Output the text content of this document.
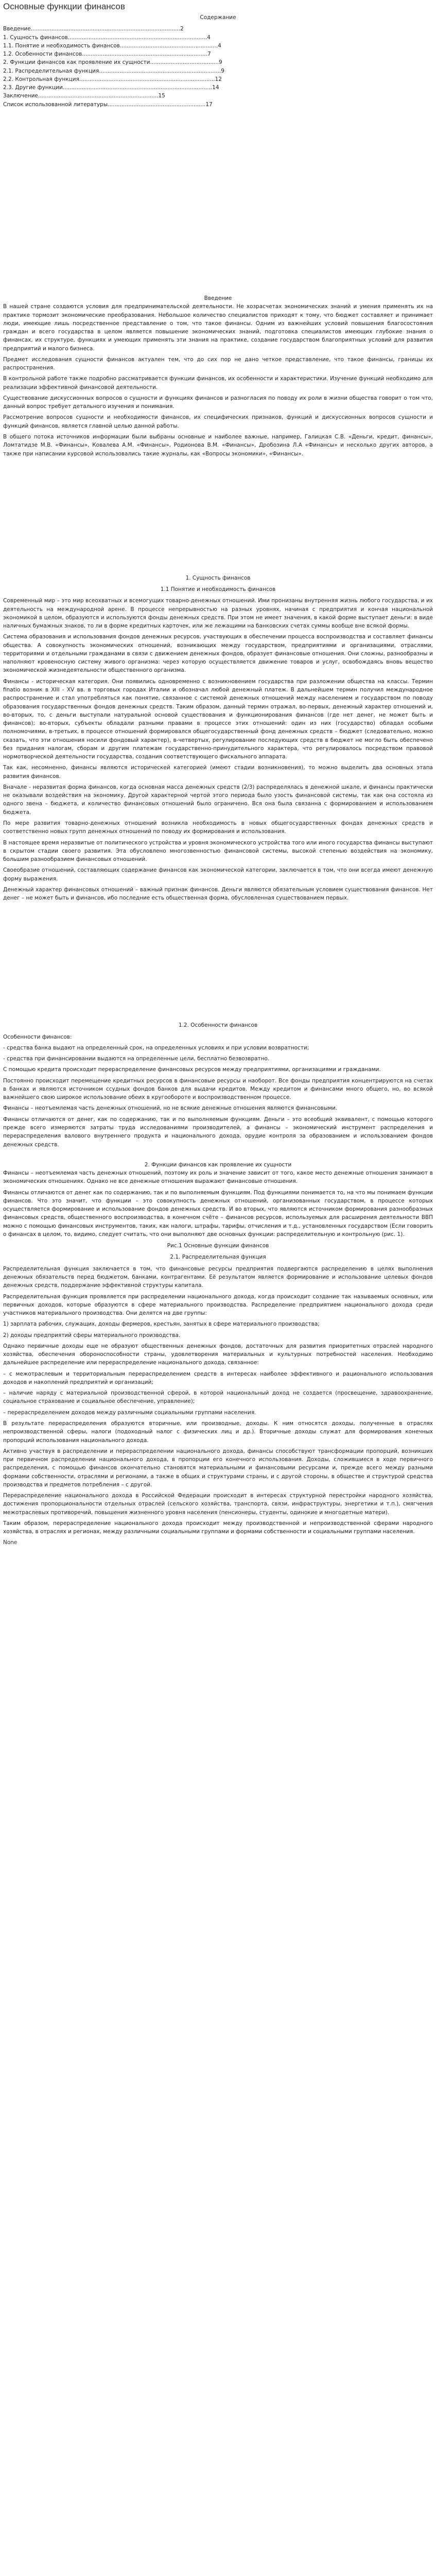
Основные функции финансов
Содержание
Введение.......................................................................................2
1. Сущность финансов.................................................................................4
1.1. Понятие и необходимость финансов.........................................................4
1.2. Особенности финансов.........................................................................7
2. Функции финансов как проявление их сущности........................................9
2.1. Распределительная функция.......................................................................9
2.2. Контрольная функция...............................................................................12
2.3. Другие функции.......................................................................................14
Заключение......................................................................15
Список использованной литературы.........................................................17
Введение

В нашей стране создаются условия для предпринимательской деятельности. Не хозрасчетах экономических знаний и умения применять их на практике тормозит экономические преобразования. Небольшое количество специалистов приходят к тому, что бюджет составляет и принимает люди, имеющие лишь посредственное представление о том, что такое финансы. Одним из важнейших условий повышения благосостояния граждан и всего государства в целом является повышение экономических знаний, подготовка специалистов имеющих глубокие знания о финансах, их структуре, функциях и умеющих применять эти знания на практике, создание государством благоприятных условий для развития предприятий и малого бизнеса.

Предмет исследования сущности финансов актуален тем, что до сих пор не дано четкое представление, что такое финансы, границы их распространения.

В контрольной работе также подробно рассматривается функции финансов, их особенности и характеристики. Изучение функций необходимо для реализации эффективной финансовой деятельности.

Существование дискуссионных вопросов о сущности и функциях финансов и разногласия по поводу их роли в жизни общества говорит о том что, данный вопрос требует детального изучения и понимания.

Рассмотрение вопросов сущности и необходимости финансов, их специфических признаков, функций и дискуссионных вопросов сущности и функций финансов, является главной целью данной работы.

В общего потока источников информации были выбраны основные и наиболее важные, например, Галицкая С.В. «Деньги, кредит, финансы», Ломтатидзе М.В. «Финансы», Ковалева А.М. «Финансы», Родионова В.М. «Финансы», Дробозина Л.А «Финансы» и несколько других авторов, а также при написании курсовой использовались такие журналы, как «Вопросы экономики», «Финансы».

1. Сущность финансов
1.1 Понятие и необходимость финансов

Современный мир – это мир всеохватных и всемогущих товарно-денежных отношений. Ими пронизаны внутренняя жизнь любого государства, и их деятельность на международной арене. В процессе непрерывностью на разных уровнях, начиная с предприятия и кончая национальной экономикой в целом, образуются и используются фонды денежных средств. При этом не имеет значения, в какой форме выступает деньги: в виде наличных бумажных знаков, то ли в форме кредитных карточек, или же лежащими на банковских счетах суммы вообще вне всякой формы.

Система образования и использования фондов денежных ресурсов, участвующих в обеспечении процесса воспроизводства и составляет финансы общества. А совокупность экономических отношений, возникающих между государством, предприятиями и организациями, отраслями, территориями и отдельными гражданами в связи с движением денежных фондов, образует финансовые отношения. Они сложны, разнообразны и наполняют кровеносную систему живого организма: через которую осуществляется движение товаров и услуг, освобождаясь вновь вещество экономической жизнедеятельности общественного организма.

Финансы - историческая категория. Они появились одновременно с возникновением государства при разложении общества на классы. Термин finatio возник в XIII - XV вв. в торговых городах Италии и обозначал любой денежный платеж. В дальнейшем термин получил международное распространение и стал употребляться как понятие, связанное с системой денежных отношений между населением и государством по поводу образования государственных фондов денежных средств. Таким образом, данный термин отражал, во-первых, денежный характер отношений и, во-вторых, то, с деньги выступали натуральной основой существования и функционирования финансов (где нет денег, не может быть и финансов); во-вторых, субъекты обладали разными правами в процессе этих отношений: один из них (государство) обладал особыми полномочиями, в-третьих, в процессе отношений формировался общегосударственный фонд денежных средств – бюджет (следовательно, можно сказать, что эти отношения носили фондовый характер), в-четвертых, регулирование последующих средств в бюджет не могло быть обеспечено без придания налогам, сборам и другим платежам государственно-принудительного характера, что регулировалось посредством правовой нормотворческой деятельности государства, создания соответствующего фискального аппарата.

Так как, несомненно, финансы являются историческей категорией (имеют стадии возникновения), то можно выделить два основных этапа развития финансов.

Вначале - неразвитая форма финансов, когда основная масса денежных средств (2/3) распределялась в денежной шкале, и финансы практически не оказывали воздействия на экономику. Другой характерной чертой этого периода было узость финансовой системы, так как она состояла из одного звена – бюджета, и количество финансовых отношений было ограничено. Вся она была связанна с формированием и использованием бюджета.

По мере развития товарно-денежных отношений возникла необходимость в новых общегосударственных фондах денежных средств и соответственно новых групп денежных отношений по поводу их формирования и использования.

В настоящее время неразвитые от политического устройства и уровня экономического устройства того или иного государства финансы выступают в скрытом стадии своего развития. Эта обусловлено многозвенностью финансовой системы, высокой степенью воздействия на экономику, большим разнообразием финансовых отношений.

Своеобразие отношений, составляющих содержание финансов как экономической категории, заключается в том, что они всегда имеют денежную форму выражения.

Денежный характер финансовых отношений – важный признак финансов. Деньги являются обязательным условием существования финансов. Нет денег – не может быть и финансов, ибо последние есть общественная форма, обусловленная существованием первых.

1.2. Особенности финансов

Особенности финансов:

- средства банка выдают на определенный срок, на определенных условиях и при условии возвратности;

- средства при финансировании выдаются на определенные цели, бесплатно безвозвратно.

С помощью кредита происходит перераспределение финансовых ресурсов между предприятиями, организациями и гражданами.

Постоянно происходит перемещение кредитных ресурсов в финансовые ресурсы и наоборот. Все фонды предприятия концентрируются на счетах в банках и являются источником ссудных фондов банков для выдачи кредитов. Между кредитом и финансами много общего, но, во всякой важнейшего свою широкое использование обеих в кругообороте и воспроизводственном процессе.

Финансы – неотъемлемая часть денежных отношений, но не всякие денежные отношения являются финансовыми.

Финансы отличаются от денег, как по содержанию, так и по выполняемым функциям. Деньги – это всеобщий эквивалент, с помощью которого прежде всего измеряются затраты труда исследованиями производителей, а финансы – экономический инструмент распределения и перераспределения валового внутреннего продукта и национального дохода, орудие контроля за образованием и использованием фондов денежных средств.

2. Функции финансов как проявление их сущности

Финансы – неотъемлемая часть денежных отношений, поэтому их роль и значение зависит от того, какое место денежные отношения занимают в экономических отношениях. Однако не все денежные отношения выражают финансовые отношения.

Финансы отличаются от денег как по содержанию, так и по выполняемым функциям. Под функциями понимается то, на что мы понимаем функции финансов. Что это значит, что функции – это совокупность денежных отношений, организованных государством, в процессе которых осуществляется формирование и использование фондов денежных средств. И во вторых, что являются источником формирования разнообразных финансовых средств, общественного воспроизводства, в конечном счёте – финансов ресурсов, используемых для расширения деятельности ВВП можно с помощью финансовых инструментов, таких, как налоги, штрафы, тарифы, отчисления и т.д., установленных государством (Если говорить о финансах в целом, то, видимо, следует считать, что они выполняют две основных функции: распределительную и контрольную (рис. 1).

Рис.1 Основные функции финансов
2.1. Распределительная функция

Распределительная функция заключается в том, что финансовые ресурсы предприятия подвергаются распределению в целях выполнения денежных обязательств перед бюджетом, банками, контрагентами. Её результатом является формирование и использование целевых фондов денежных средств, поддержание эффективной структуры капитала.

Распределительная функция проявляется при распределении национального дохода, когда происходит создание так называемых основных, или первичных доходов, которые образуются в сфере материального производства. Распределение предприятием национального дохода среди участников материального производства. Они делятся на две группы:

1) зарплата рабочих, служащих, доходы фермеров, крестьян, занятых в сфере материального производства;

2) доходы предприятий сферы материального производства.

Однако первичные доходы еще не образуют общественных денежных фондов, достаточных для развития приоритетных отраслей народного хозяйства, обеспечения обороноспособности страны, удовлетворения материальных и культурных потребностей населения. Необходимо дальнейшее распределение или перераспределение национального дохода, связанное:

– с межотраслевым и территориальным перераспределением средств в интересах наиболее эффективного и рационального использования доходов и накоплений предприятий и организаций;

– наличие наряду с материальной производственной сферой, в которой национальный доход не создается (просвещение, здравоохранение, социальное страхование и социальное обеспечение, управление);

– перераспределением доходов между различными социальными группами населения.

В результате перераспределения образуются вторичные, или производные, доходы. К ним относятся доходы, полученные в отраслях непроизводственной сферы, налоги (подоходный налог с физических лиц и др.). Вторичные доходы служат для формирования конечных пропорций использования национального дохода.

Активно участвуя в распределении и перераспределении национального дохода, финансы способствуют трансформации пропорций, возникших при первичном распределении национального дохода, в пропорции его конечного использования. Доходы, сложившиеся в ходе первичного распределения, с помощью финансов окончательно становятся материальными и финансовыми ресурсами и, прежде всего между разными формами собственности, отраслями и регионами, а также в общих и структурами страны, и с другой стороны, в обществе и структурой средства производства и предметов потребления – с другой.

Перераспределение национального дохода в Российской Федерации происходит в интересах структурной перестройки народного хозяйства, достижения пропорциональности отдельных отраслей (сельского хозяйства, транспорта, связи, инфраструктуры, энергетики и т.п.), смягчения межотраслевых противоречий, повышения жизненного уровня населения (пенсионеры, студенты, одинокие и многодетные матери).

Таким образом, перераспределение национального дохода происходит между производственной и непроизводственной сферами народного хозяйства, в отраслях и регионах, между различными социальными группами и формами собственности и социальными группами населения.

None
